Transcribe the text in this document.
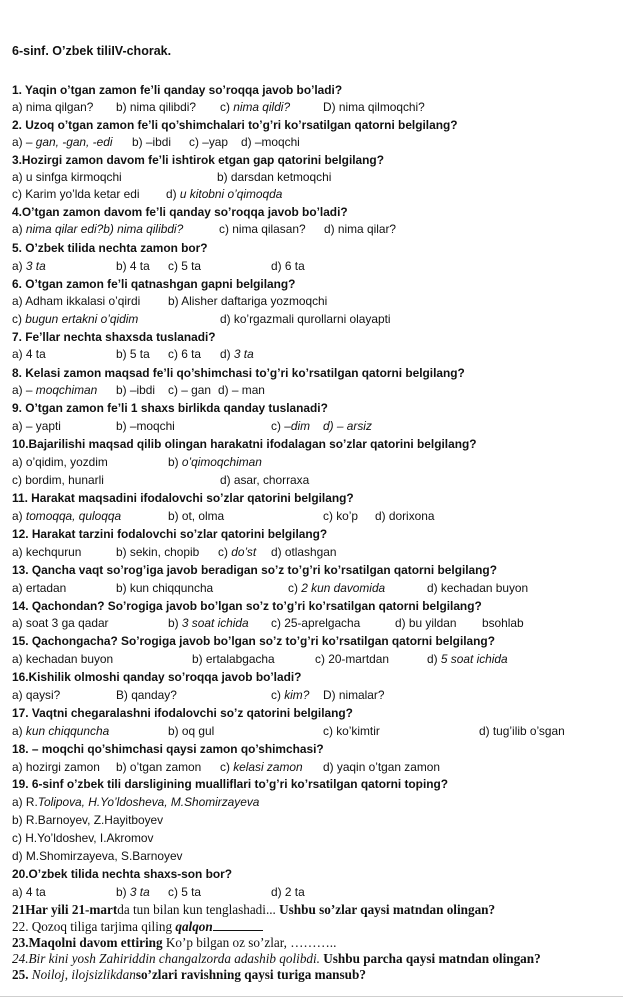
6-sinf. O’zbek tiliIV-chorak.
1. Yaqin o’tgan zamon fe’li qanday so’roqqa javob bo’ladi?
a) nima qilgan? b) nima qilibdi? c) nima qildi?	D) nima qilmoqchi?
2. Uzoq o’tgan zamon fe’li qo’shimchalari to’g’ri ko’rsatilgan qatorni belgilang?
a) – gan, -gan, -edi b) –ibdi c) –yap d) –moqchi
3.Hozirgi zamon davom fe’li ishtirok etgan gap qatorini belgilang?
a) u sinfga kirmoqchi	b) darsdan ketmoqchi
c) Karim yo’lda ketar edi d) u kitobni o’qimoqda
4.O’tgan zamon davom fe’li qanday so’roqqa javob bo’ladi?
a) nima qilar edi?b) nima qilibdi?	c) nima qilasan? d) nima qilar?
5. O’zbek tilida nechta zamon bor?
a) 3 ta	b) 4 ta c) 5 ta	d) 6 ta
6. O’tgan zamon fe’li qatnashgan gapni belgilang?
a) Adham ikkalasi o’qirdi b) Alisher daftariga yozmoqchi
c) bugun ertakni o’qidim	d) ko’rgazmali qurollarni olayapti
7. Fe’llar nechta shaxsda tuslanadi?
a) 4 ta	b) 5 ta c) 6 ta d) 3 ta
8. Kelasi zamon maqsad fe’li qo’shimchasi to’g’ri ko’rsatilgan qatorni belgilang?
a) – moqchiman b) –ibdi c) – gan d) – man
9. O’tgan zamon fe’li 1 shaxs birlikda qanday tuslanadi?
a) – yapti	b) –moqchi	c) –dim d) – arsiz
10.Bajarilishi maqsad qilib olingan harakatni ifodalagan so’zlar qatorini belgilang?
a) o’qidim, yozdim	b) o’qimoqchiman
c) bordim, hunarli	d) asar, chorraxa
11. Harakat maqsadini ifodalovchi so’zlar qatorini belgilang?
a) tomoqqa, quloqqa	b) ot, olma	c) ko’p d) dorixona
12. Harakat tarzini fodalovchi so’zlar qatorini belgilang?
a) kechqurun	b) sekin, chopib c) do’st d) otlashgan
13. Qancha vaqt so’rog’iga javob beradigan so’z to’g’ri ko’rsatilgan qatorni belgilang?
a) ertadan	b) kun chiqquncha	c) 2 kun davomida	d) kechadan buyon
14. Qachondan? So’rogiga javob bo’lgan so’z to’g’ri ko’rsatilgan qatorni belgilang?
a) soat 3 ga qadar	b) 3 soat ichida c) 25-aprelgacha	d) bu yildan bsohlab
15. Qachongacha? So’rogiga javob bo’lgan so’z to’g’ri ko’rsatilgan qatorni belgilang?
a) kechadan buyon	b) ertalabgacha	c) 20-martdan	d) 5 soat ichida
16.Kishilik olmoshi qanday so’roqqa javob bo’ladi?
a) qaysi?	B) qanday?	c) kim? D) nimalar?
17. Vaqtni chegaralashni ifodalovchi so’z qatorini belgilang?
a) kun chiqquncha	b) oq gul	c) ko’kimtir	d) tug’ilib o’sgan
18. – moqchi qo’shimchasi qaysi zamon qo’shimchasi?
a) hozirgi zamon b) o’tgan zamon c) kelasi zamon d) yaqin o’tgan zamon
19. 6-sinf o’zbek tili darsligining mualliflari to’g’ri ko’rsatilgan qatorni toping?
a) R.Tolipova, H.Yo’ldosheva, M.Shomirzayeva
b) R.Barnoyev, Z.Hayitboyev
c) H.Yo’ldoshev, I.Akromov
d) M.Shomirzayeva, S.Barnoyev
20.O’zbek tilida nechta shaxs-son bor?
a) 4 ta	b) 3 ta c) 5 ta	d) 2 ta
21Har yili 21-martda tun bilan kun tenglashadi... Ushbu so’zlar qaysi matndan olingan?
22. Qozoq tiliga tarjima qiling qalqon
23.Maqolni davom ettiring Ko’p bilgan oz so’zlar, ………..
24.Bir kini yosh Zahiriddin changalzorda adashib qolibdi. Ushbu parcha qaysi matndan olingan?
25. Noiloj, ilojsizlikdanso’zlari ravishning qaysi turiga mansub?
